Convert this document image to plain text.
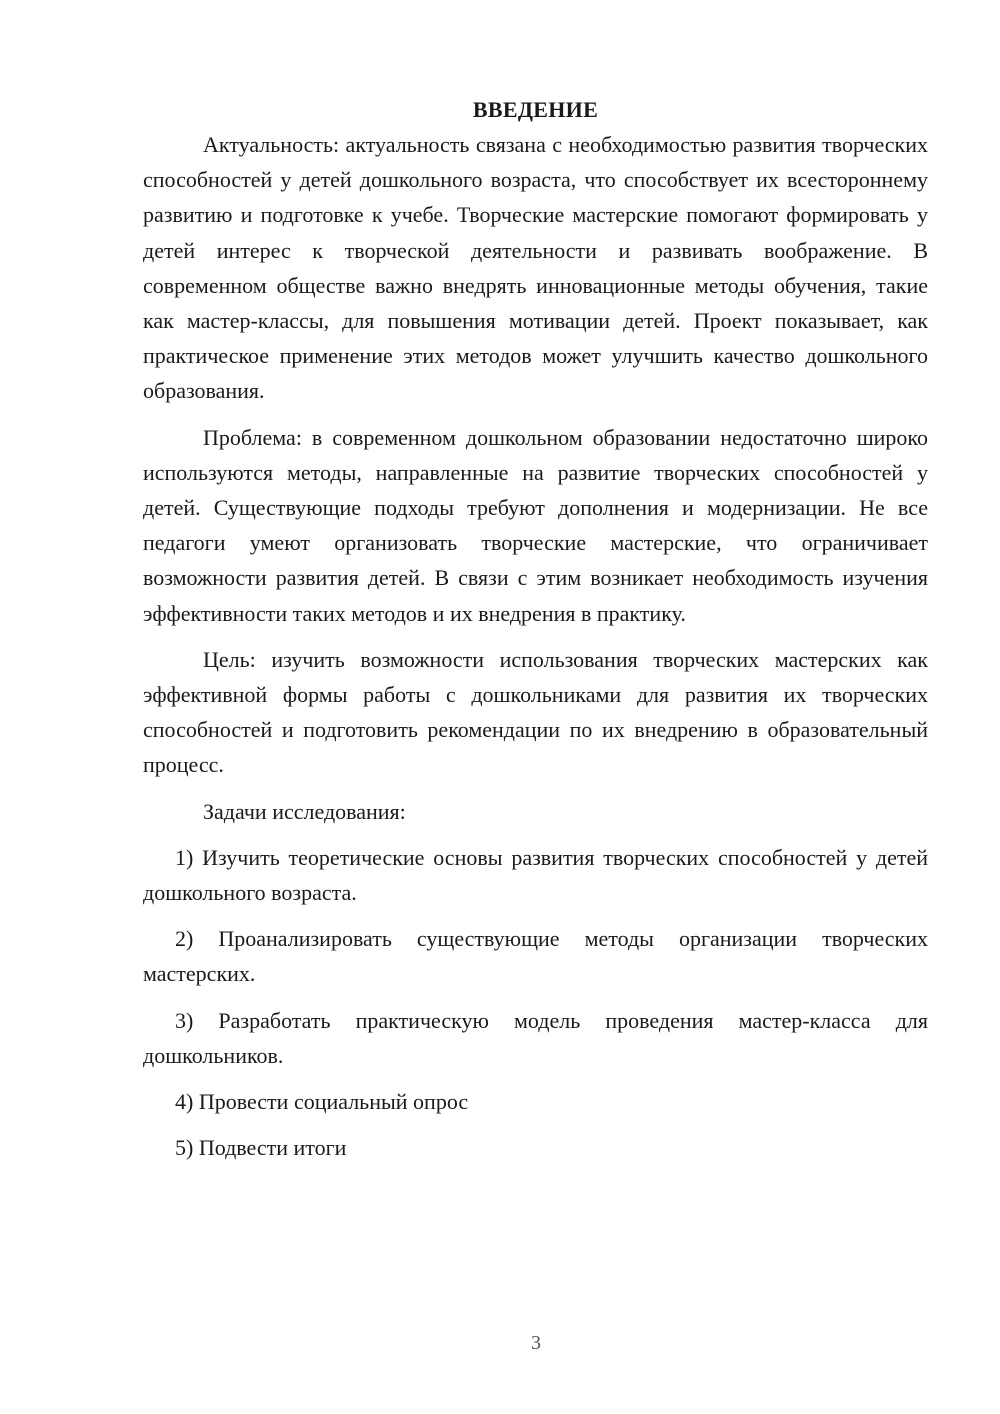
ВВЕДЕНИЕ

Актуальность: актуальность связана с необходимостью развития творческих способностей у детей дошкольного возраста, что способствует их всестороннему развитию и подготовке к учебе. Творческие мастерские помогают формировать у детей интерес к творческой деятельности и развивать воображение. В современном обществе важно внедрять инновационные методы обучения, такие как мастер-классы, для повышения мотивации детей. Проект показывает, как практическое применение этих методов может улучшить качество дошкольного образования.

Проблема: в современном дошкольном образовании недостаточно широко используются методы, направленные на развитие творческих способностей у детей. Существующие подходы требуют дополнения и модернизации. Не все педагоги умеют организовать творческие мастерские, что ограничивает возможности развития детей. В связи с этим возникает необходимость изучения эффективности таких методов и их внедрения в практику.

Цель: изучить возможности использования творческих мастерских как эффективной формы работы с дошкольниками для развития их творческих способностей и подготовить рекомендации по их внедрению в образовательный процесс.

Задачи исследования:

1) Изучить теоретические основы развития творческих способностей у детей дошкольного возраста.

2) Проанализировать существующие методы организации творческих мастерских.

3) Разработать практическую модель проведения мастер-класса для дошкольников.

4) Провести социальный опрос

5) Подвести итоги

3
